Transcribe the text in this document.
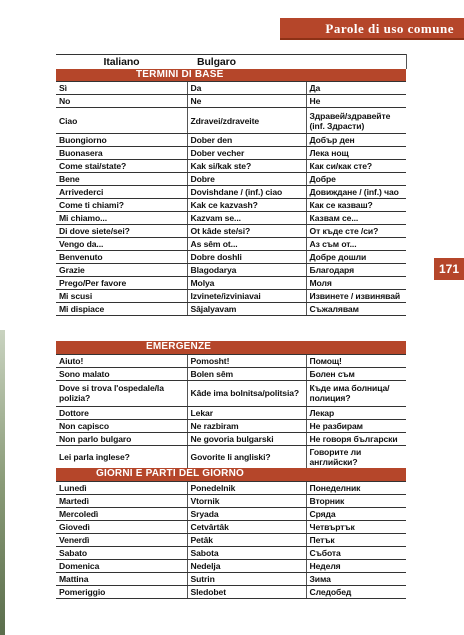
Parole di uso comune
171
Italiano	Bulgaro	
TERMINI DI BASE		
Sì	Da	Да
No	Ne	Не
Ciao	Zdravei/zdraveite	Здравей/здравейте (inf. Здрасти)
Buongiorno	Dober den	Добър ден
Buonasera	Dober vecher	Лека нощ
Come stai/state?	Kak si/kak ste?	Как си/как сте?
Bene	Dobre	Добре
Arrivederci	Dovishdane / (inf.) ciao	Довиждане / (inf.) чао
Come ti chiami?	Kak ce kazvash?	Как се казваш?
Mi chiamo...	Kazvam se...	Казвам се...
Di dove siete/sei?	Ot kâde ste/si?	От къде сте /си?
Vengo da...	As sêm ot...	Аз съм от...
Benvenuto	Dobre doshli	Добре дошли
Grazie	Blagodarya	Благодаря
Prego/Per favore	Molya	Моля
Mi scusi	Izvinete/izviniavai	Извинете / извинявай
Mi dispiace	Sâjalyavam	Съжалявам
EMERGENZE		
Aiuto!	Pomosht!	Помощ!
Sono malato	Bolen sêm	Болен съм
Dove si trova l'ospedale/la polizia?	Kâde ima bolnitsa/politsia?	Къде има болница/ полиция?
Dottore	Lekar	Лекар
Non capisco	Ne razbiram	Не разбирам
Non parlo bulgaro	Ne govoria bulgarski	Не говоря български
Lei parla inglese?	Govorite li angliski?	Говорите ли английски?
GIORNI E PARTI DEL GIORNO		
Lunedì	Ponedelnik	Понеделник
Martedì	Vtornik	Вторник
Mercoledì	Sryada	Сряда
Giovedì	Cetvârtâk	Четвъртък
Venerdì	Petâk	Петък
Sabato	Sabota	Събота
Domenica	Nedelja	Неделя
Mattina	Sutrin	Зима
Pomeriggio	Sledobet	Следобед
